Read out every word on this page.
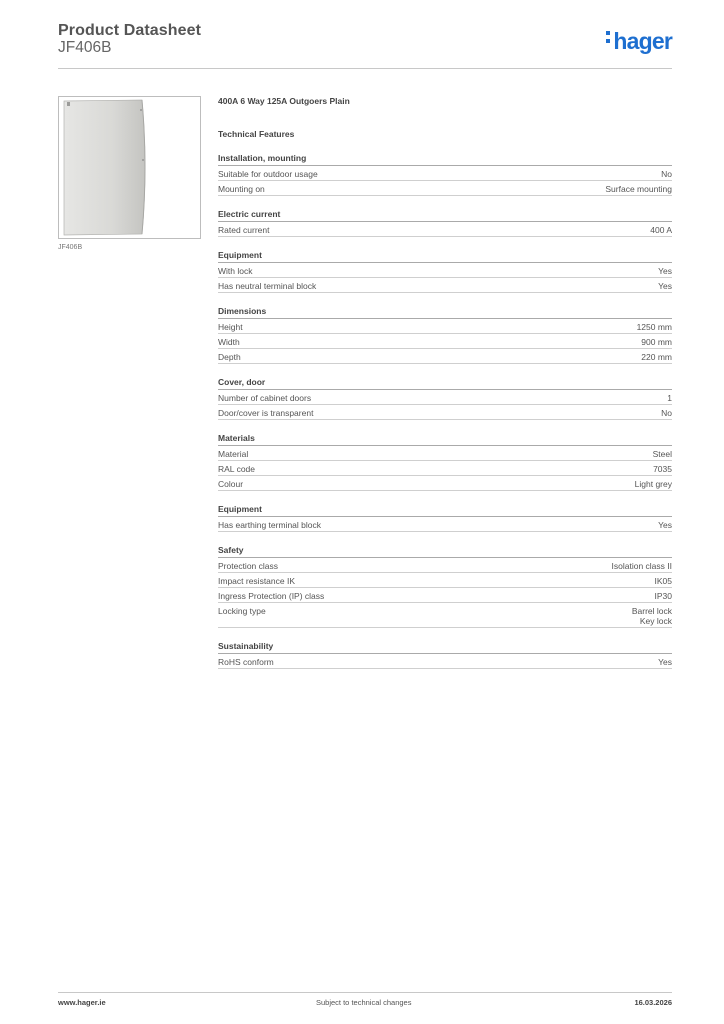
Product Datasheet
JF406B	hager
JF406B
400A 6 Way 125A Outgoers Plain
Technical Features
Installation, mounting
Suitable for outdoor usage	No
Mounting on	Surface mounting
Electric current
Rated current	400 A
Equipment
With lock	Yes
Has neutral terminal block	Yes
Dimensions
Height	1250 mm
Width	900 mm
Depth	220 mm
Cover, door
Number of cabinet doors	1
Door/cover is transparent	No
Materials
Material	Steel
RAL code	7035
Colour	Light grey
Equipment
Has earthing terminal block	Yes
Safety
Protection class	Isolation class II
Impact resistance IK	IK05
Ingress Protection (IP) class	IP30
Locking type	Barrel lock
Key lock
Sustainability
RoHS conform	Yes
www.hager.ie	Subject to technical changes	16.03.2026
